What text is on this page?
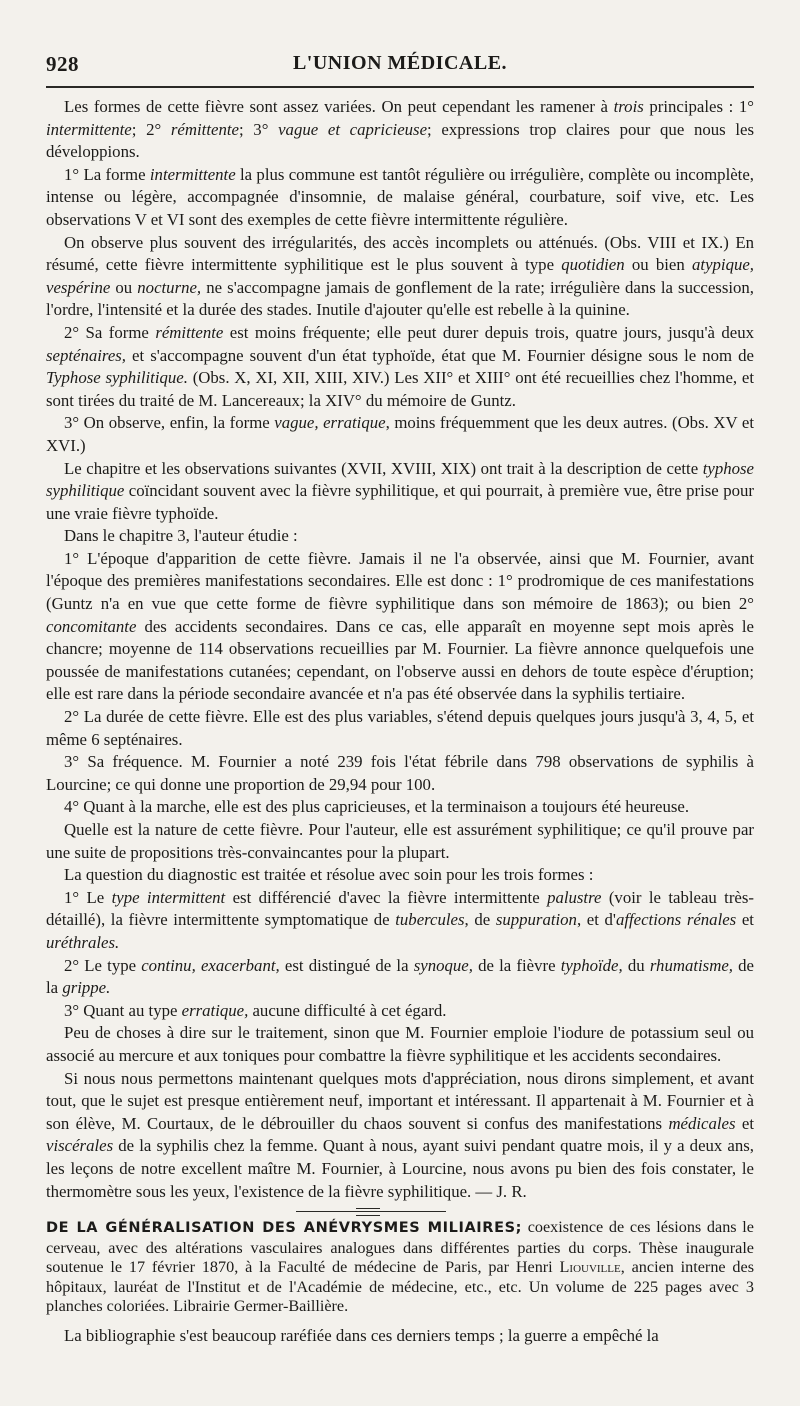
928	L'UNION MÉDICALE.

Les formes de cette fièvre sont assez variées. On peut cependant les ramener à trois principales : 1° intermittente; 2° rémittente; 3° vague et capricieuse; expressions trop claires pour que nous les développions.

1° La forme intermittente la plus commune est tantôt régulière ou irrégulière, complète ou incomplète, intense ou légère, accompagnée d'insomnie, de malaise général, courbature, soif vive, etc. Les observations V et VI sont des exemples de cette fièvre intermittente régulière.

On observe plus souvent des irrégularités, des accès incomplets ou atténués. (Obs. VIII et IX.) En résumé, cette fièvre intermittente syphilitique est le plus souvent à type quotidien ou bien atypique, vespérine ou nocturne, ne s'accompagne jamais de gonflement de la rate; irrégulière dans la succession, l'ordre, l'intensité et la durée des stades. Inutile d'ajouter qu'elle est rebelle à la quinine.

2° Sa forme rémittente est moins fréquente; elle peut durer depuis trois, quatre jours, jusqu'à deux septénaires, et s'accompagne souvent d'un état typhoïde, état que M. Fournier désigne sous le nom de Typhose syphilitique. (Obs. X, XI, XII, XIII, XIV.) Les XII° et XIII° ont été recueillies chez l'homme, et sont tirées du traité de M. Lancereaux; la XIV° du mémoire de Guntz.

3° On observe, enfin, la forme vague, erratique, moins fréquemment que les deux autres. (Obs. XV et XVI.)

Le chapitre et les observations suivantes (XVII, XVIII, XIX) ont trait à la description de cette typhose syphilitique coïncidant souvent avec la fièvre syphilitique, et qui pourrait, à première vue, être prise pour une vraie fièvre typhoïde.

Dans le chapitre 3, l'auteur étudie :

1° L'époque d'apparition de cette fièvre. Jamais il ne l'a observée, ainsi que M. Fournier, avant l'époque des premières manifestations secondaires. Elle est donc : 1° prodromique de ces manifestations (Guntz n'a en vue que cette forme de fièvre syphilitique dans son mémoire de 1863); ou bien 2° concomitante des accidents secondaires. Dans ce cas, elle apparaît en moyenne sept mois après le chancre; moyenne de 114 observations recueillies par M. Fournier. La fièvre annonce quelquefois une poussée de manifestations cutanées; cependant, on l'observe aussi en dehors de toute espèce d'éruption; elle est rare dans la période secondaire avancée et n'a pas été observée dans la syphilis tertiaire.

2° La durée de cette fièvre. Elle est des plus variables, s'étend depuis quelques jours jusqu'à 3, 4, 5, et même 6 septénaires.

3° Sa fréquence. M. Fournier a noté 239 fois l'état fébrile dans 798 observations de syphilis à Lourcine; ce qui donne une proportion de 29,94 pour 100.

4° Quant à la marche, elle est des plus capricieuses, et la terminaison a toujours été heureuse.

Quelle est la nature de cette fièvre. Pour l'auteur, elle est assurément syphilitique; ce qu'il prouve par une suite de propositions très-convaincantes pour la plupart.

La question du diagnostic est traitée et résolue avec soin pour les trois formes :

1° Le type intermittent est différencié d'avec la fièvre intermittente palustre (voir le tableau très-détaillé), la fièvre intermittente symptomatique de tubercules, de suppuration, et d'affections rénales et uréthrales.

2° Le type continu, exacerbant, est distingué de la synoque, de la fièvre typhoïde, du rhumatisme, de la grippe.

3° Quant au type erratique, aucune difficulté à cet égard.

Peu de choses à dire sur le traitement, sinon que M. Fournier emploie l'iodure de potassium seul ou associé au mercure et aux toniques pour combattre la fièvre syphilitique et les accidents secondaires.

Si nous nous permettons maintenant quelques mots d'appréciation, nous dirons simplement, et avant tout, que le sujet est presque entièrement neuf, important et intéressant. Il appartenait à M. Fournier et à son élève, M. Courtaux, de le débrouiller du chaos souvent si confus des manifestations médicales et viscérales de la syphilis chez la femme. Quant à nous, ayant suivi pendant quatre mois, il y a deux ans, les leçons de notre excellent maître M. Fournier, à Lourcine, nous avons pu bien des fois constater, le thermomètre sous les yeux, l'existence de la fièvre syphilitique. — J. R.

DE LA GÉNÉRALISATION DES ANÉVRYSMES MILIAIRES; coexistence de ces lésions dans le cerveau, avec des altérations vasculaires analogues dans différentes parties du corps. Thèse inaugurale soutenue le 17 février 1870, à la Faculté de médecine de Paris, par Henri Liouville, ancien interne des hôpitaux, lauréat de l'Institut et de l'Académie de médecine, etc., etc. Un volume de 225 pages avec 3 planches coloriées. Librairie Germer-Baillière.

La bibliographie s'est beaucoup raréfiée dans ces derniers temps ; la guerre a empêché la
